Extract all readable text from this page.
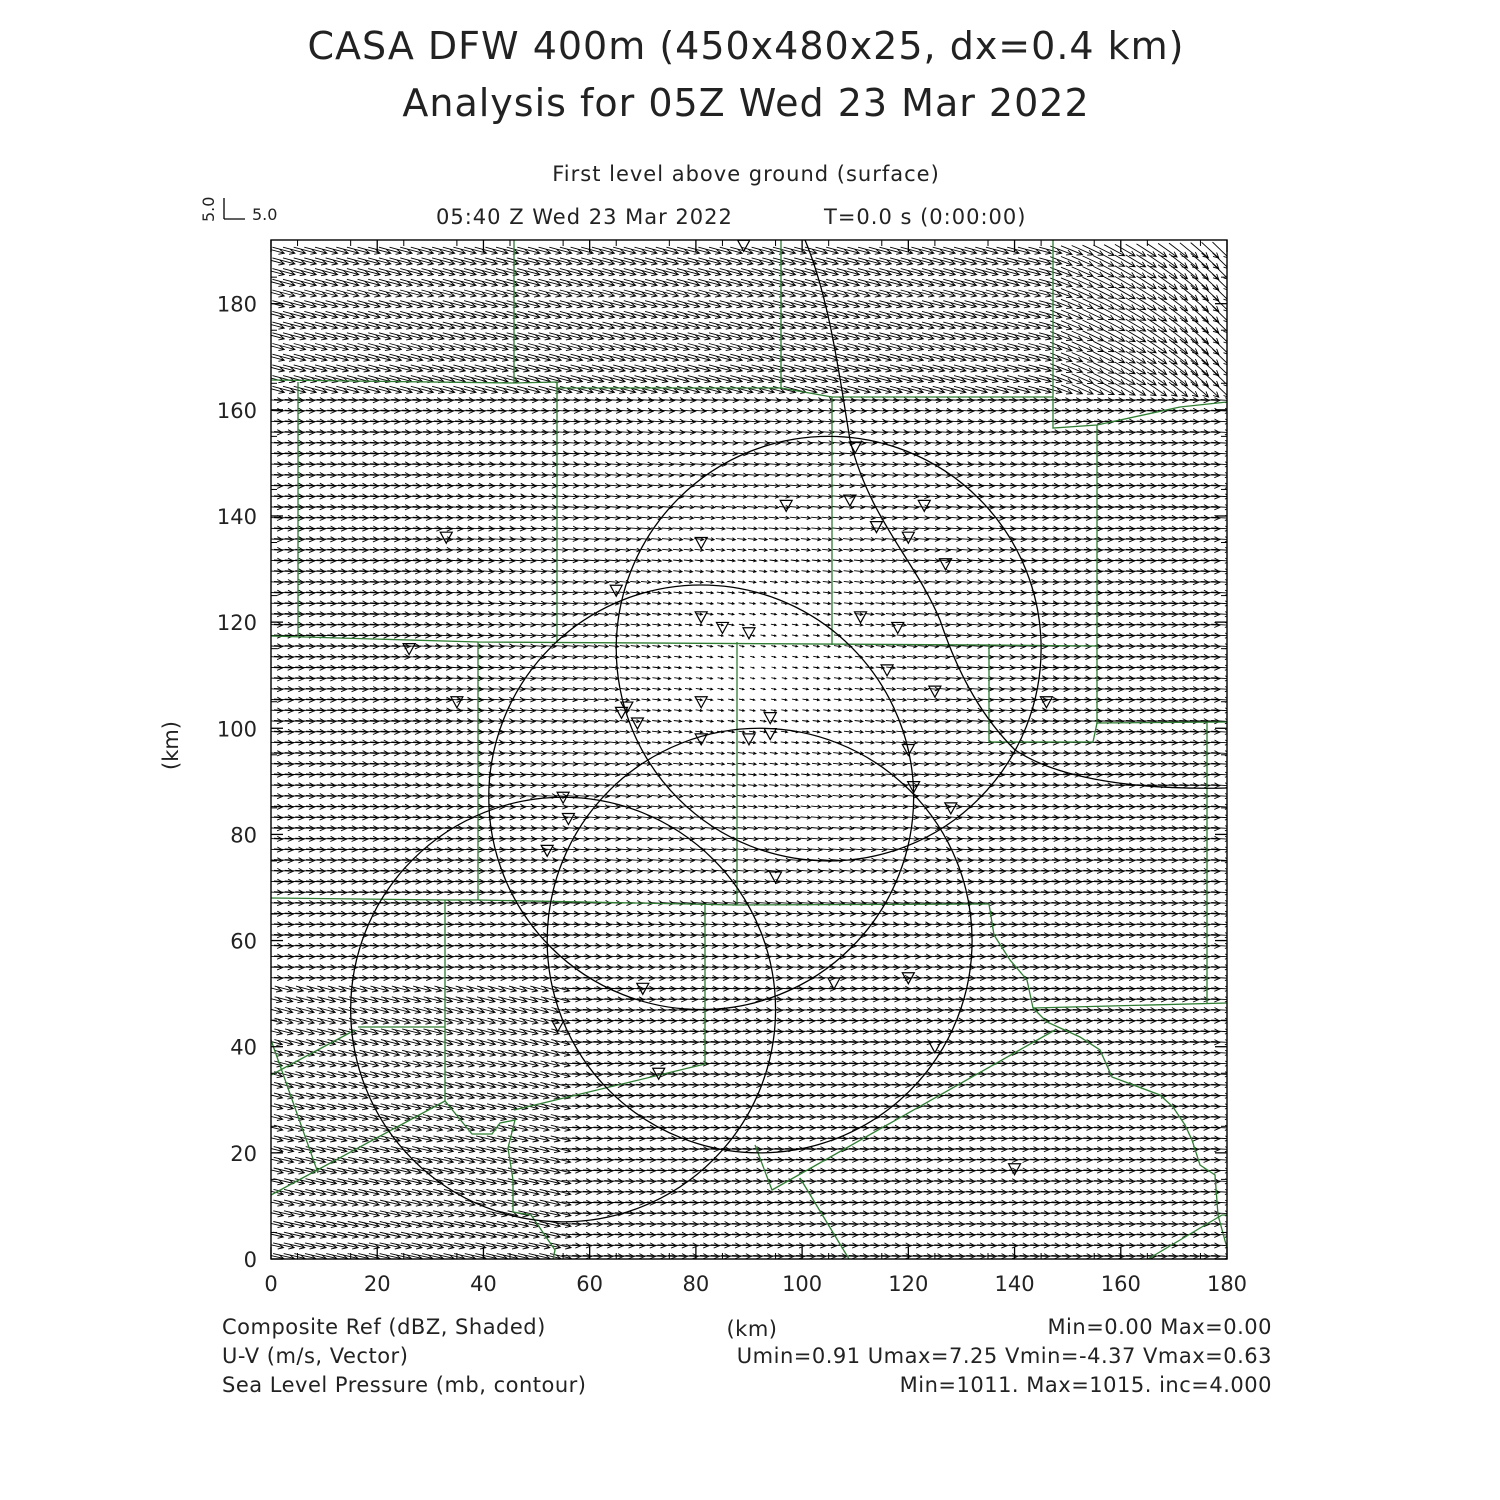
CASA DFW 400m (450x480x25, dx=0.4 km)
Analysis for 05Z Wed 23 Mar 2022
First level above ground (surface)
05:40 Z Wed 23 Mar 2022	T=0.0 s (0:00:00)
5.0
5.0
0	20	40	60	80	100	120	140	160	180
0
20
40
60
80
100
120
140
160
180
(km)
Composite Ref (dBZ, Shaded)	(km)	Min=0.00 Max=0.00
U-V (m/s, Vector)	Umin=0.91 Umax=7.25 Vmin=-4.37 Vmax=0.63
Sea Level Pressure (mb, contour)	Min=1011. Max=1015. inc=4.000
